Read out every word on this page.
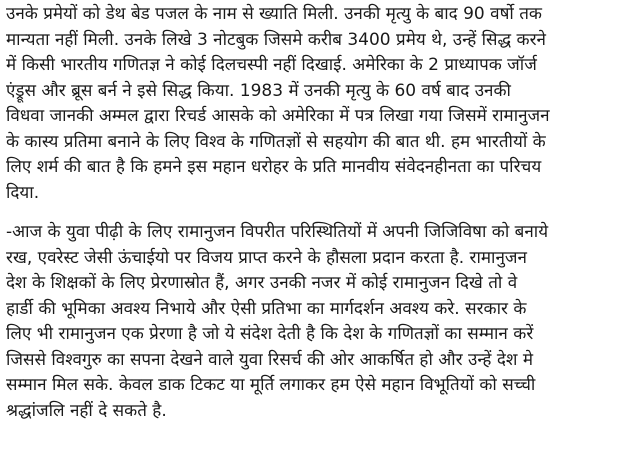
उनके प्रमेयों को डेथ बेड पजल के नाम से ख्याति मिली. उनकी मृत्यु के बाद 90 वर्षो तक
मान्यता नहीं मिली. उनके लिखे 3 नोटबुक जिसमे करीब 3400 प्रमेय थे, उन्हें सिद्ध करने
में किसी भारतीय गणितज्ञ ने कोई दिलचस्पी नहीं दिखाई. अमेरिका के 2 प्राध्यापक जॉर्ज
एंड्रूस और ब्रूस बर्न ने इसे सिद्ध किया. 1983 में उनकी मृत्यु के 60 वर्ष बाद उनकी
विधवा जानकी अम्मल द्वारा रिचर्ड आसके को अमेरिका में पत्र लिखा गया जिसमें रामानुजन
के कास्य प्रतिमा बनाने के लिए विश्व के गणितज्ञों से सहयोग की बात थी. हम भारतीयों के
लिए शर्म की बात है कि हमने इस महान धरोहर के प्रति मानवीय संवेदनहीनता का परिचय
दिया.
-आज के युवा पीढ़ी के लिए रामानुजन विपरीत परिस्थितियों में अपनी जिजिविषा को बनाये
रख, एवरेस्ट जेसी ऊंचाईयो पर विजय प्राप्त करने के हौसला प्रदान करता है. रामानुजन
देश के शिक्षकों के लिए प्रेरणास्रोत हैं, अगर उनकी नजर में कोई रामानुजन दिखे तो वे
हार्डी की भूमिका अवश्य निभाये और ऐसी प्रतिभा का मार्गदर्शन अवश्य करे. सरकार के
लिए भी रामानुजन एक प्रेरणा है जो ये संदेश देती है कि देश के गणितज्ञों का सम्मान करें
जिससे विश्वगुरु का सपना देखने वाले युवा रिसर्च की ओर आकर्षित हो और उन्हें देश मे
सम्मान मिल सके. केवल डाक टिकट या मूर्ति लगाकर हम ऐसे महान विभूतियों को सच्ची
श्रद्धांजलि नहीं दे सकते है.
